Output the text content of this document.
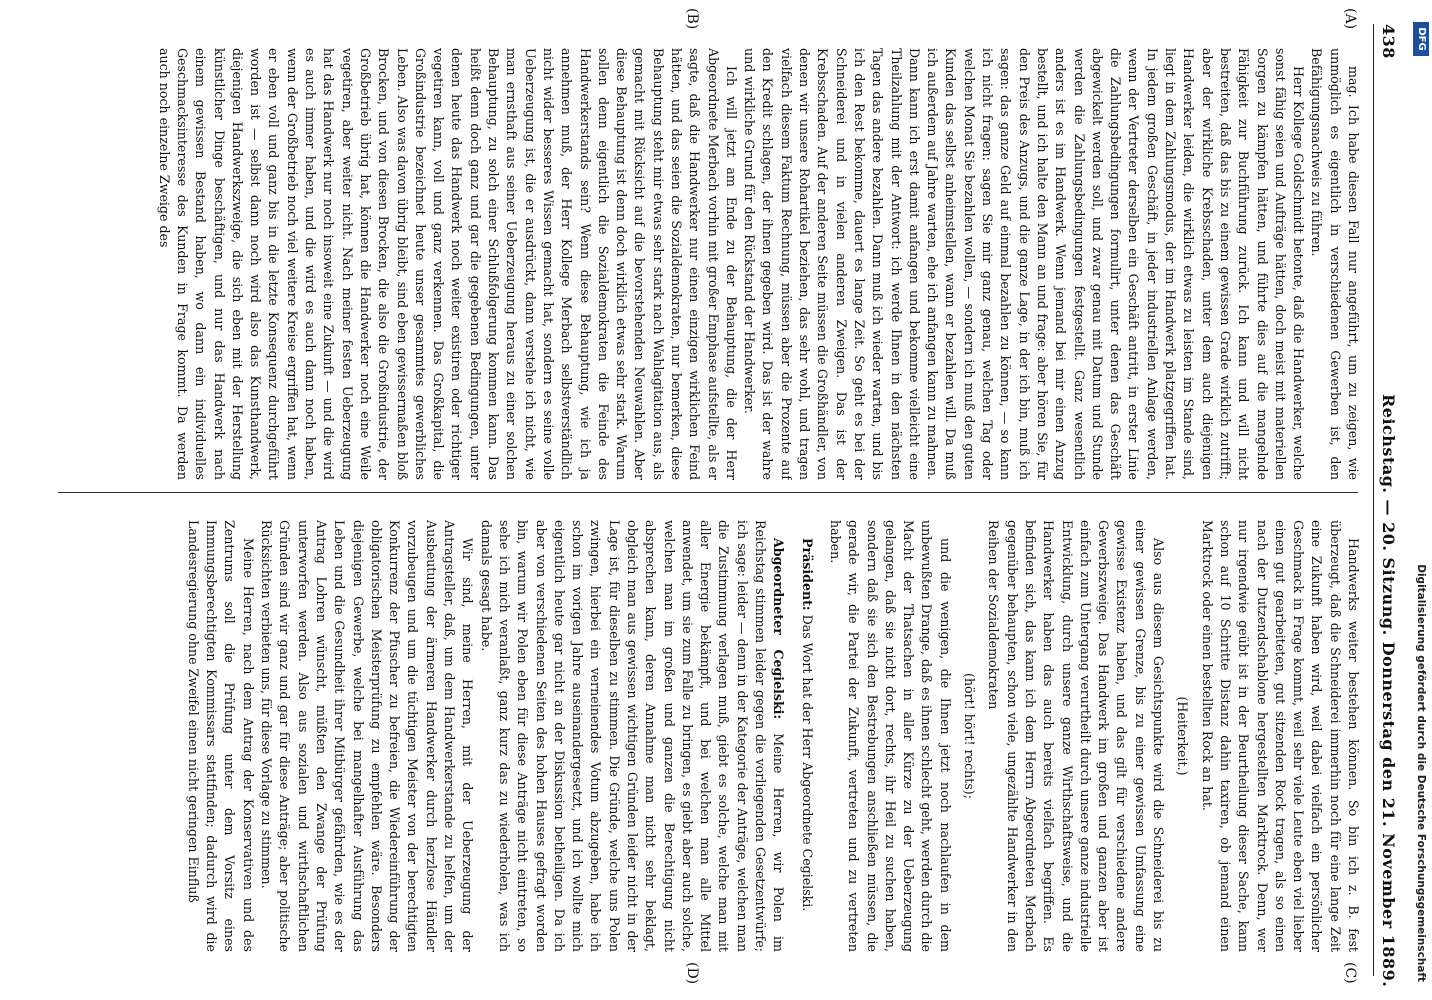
438
Reichstag. — 20. Sitzung. Donnerstag den 21. November 1889.
(A)
(B)
(C)
(D)

mag. Ich habe diesen Fall nur angeführt, um zu zeigen, wie unmöglich es eigentlich in verschiedenen Gewerben ist, den Befähigungsnachweis zu führen.

Herr Kollege Goldschmidt betonte, daß die Handwerker, welche sonst fähig seien und Aufträge hätten, doch meist mit materiellen Sorgen zu kämpfen hätten, und führte dies auf die mangelnde Fähigkeit zur Buchführung zurück. Ich kann und will nicht bestreiten, daß das bis zu einem gewissen Grade wirklich zutrifft; aber der wirkliche Krebsschaden, unter dem auch diejenigen Handwerker leiden, die wirklich etwas zu leisten im Stande sind, liegt in dem Zahlungsmodus, der im Handwerk platzgegriffen hat. In jedem großen Geschäft, in jeder industriellen Anlage werden, wenn der Vertreter derselben ein Geschäft antritt, in erster Linie die Zahlungsbedingungen formulirt, unter denen das Geschäft abgewickelt werden soll, und zwar genau mit Datum und Stunde werden die Zahlungsbedingungen festgestellt. Ganz wesentlich anders ist es im Handwerk. Wenn jemand bei mir einen Anzug bestellt, und ich halte den Mann an und frage: aber hören Sie, für den Preis des Anzugs, und die ganze Lage, in der ich bin, muß ich sagen: das ganze Geld auf einmal bezahlen zu können, — so kann ich nicht fragen: sagen Sie mir ganz genau, welchen Tag oder welchen Monat Sie bezahlen wollen, — sondern ich muß den guten Kunden das selbst anheimstellen, wann er bezahlen will. Da muß ich außerdem auf Jahre warten, ehe ich anfangen kann zu mahnen. Dann kann ich erst damit anfangen und bekomme vielleicht eine Theilzahlung mit der Antwort: ich werde Ihnen in den nächsten Tagen das andere bezahlen. Dann muß ich wieder warten, und bis ich den Rest bekomme, dauert es lange Zeit. So geht es bei der Schneiderei und in vielen anderen Zweigen. Das ist der Krebsschaden. Auf der anderen Seite müssen die Großhändler, von denen wir unsere Rohartikel beziehen, das sehr wohl, und tragen vielfach diesem Faktum Rechnung, müssen aber die Prozente auf den Kredit schlagen, der ihnen gegeben wird. Das ist der wahre und wirkliche Grund für den Rückstand der Handwerker.

Ich will jetzt am Ende zu der Behauptung, die der Herr Abgeordnete Merbach vorhin mit großer Emphase aufstellte, als er sagte, daß die Handwerker nur einen einzigen wirklichen Feind hätten, und das seien die Sozialdemokraten, nur bemerken, diese Behauptung steht mir etwas sehr stark nach Wahlagitation aus, als gemacht mit Rücksicht auf die bevorstehenden Neuwahlen. Aber diese Behauptung ist denn doch wirklich etwas sehr stark. Warum sollen denn eigentlich die Sozialdemokraten die Feinde des Handwerkerstands sein? Wenn diese Behauptung, wie ich ja annehmen muß, der Herr Kollege Merbach selbstverständlich nicht wider besseres Wissen gemacht hat, sondern es seine volle Ueberzeugung ist, die er ausdrückt, dann verstehe ich nicht, wie man ernsthaft aus seiner Ueberzeugung heraus zu einer solchen Behauptung, zu solch einer Schlußfolgerung kommen kann. Das heißt denn doch ganz und gar die gegebenen Bedingungen, unter denen heute das Handwerk noch weiter existiren oder richtiger vegetiren kann, voll und ganz verkennen. Das Großkapital, die Großindustrie bezeichnet heute unser gesammtes gewerbliches Leben. Also was davon übrig bleibt, sind eben gewissermaßen bloß Brocken, und von diesen Brocken, die also die Großindustrie, der Großbetrieb übrig hat, können die Handwerker noch eine Weile vegetiren, aber weiter nicht. Nach meiner festen Ueberzeugung hat das Handwerk nur noch insoweit eine Zukunft — und die wird es auch immer haben, und die wird es auch dann noch haben, wenn der Großbetrieb noch viel weitere Kreise ergriffen hat, wenn er eben voll und ganz bis in die letzte Konsequenz durchgeführt worden ist — selbst dann noch wird also das Kunsthandwerk, diejenigen Handwerkszweige, die sich eben mit der Herstellung künstlicher Dinge beschäftigen, und nur das Handwerk nach einem gewissen Bestand haben, wo dann ein individuelles Geschmacksinteresse des Kunden in Frage kommt. Da werden auch noch einzelne Zweige des

Handwerks weiter bestehen können. So bin ich z. B. fest überzeugt, daß die Schneiderei immerhin noch für eine lange Zeit eine Zukunft haben wird, weil dabei vielfach ein persönlicher Geschmack in Frage kommt, weil sehr viele Leute eben viel lieber einen gut gearbeiteten, gut sitzenden Rock tragen, als so einen nach der Dutzendschablone hergestellten Marktrock. Denn, wer nur irgendwie geübt ist in der Beurtheilung dieser Sache, kann schon auf 10 Schritte Distanz dahin taxiren, ob jemand einen Marktrock oder einen bestellten Rock an hat.

(Heiterkeit.)

Also aus diesem Gesichtspunkte wird die Schneiderei bis zu einer gewissen Grenze, bis zu einer gewissen Umfassung eine gewisse Existenz haben, und das gilt für verschiedene andere Gewerbszweige. Das Handwerk im großen und ganzen aber ist einfach zum Untergang verurtheilt durch unsere ganze industrielle Entwicklung, durch unsere ganze Wirthschaftsweise, und die Handwerker haben das auch bereits vielfach begriffen. Es befinden sich, das kann ich dem Herrn Abgeordneten Merbach gegenüber behaupten, schon viele, ungezählte Handwerker in den Reihen der Sozialdemokraten

(hört! hört! rechts);

und die wenigen, die Ihnen jetzt noch nachlaufen in dem unbewußten Drange, daß es ihnen schlecht geht, werden durch die Macht der Thatsachen in aller Kürze zu der Ueberzeugung gelangen, daß sie nicht dort, rechts, ihr Heil zu suchen haben, sondern daß sie sich den Bestrebungen anschließen müssen, die gerade wir, die Partei der Zukunft, vertreten und zu vertreten haben.

Präsident: Das Wort hat der Herr Abgeordnete Cegielski.

Abgeordneter Cegielski: Meine Herren, wir Polen im Reichstag stimmen leider gegen die vorliegenden Gesetzentwürfe; ich sage: leider — denn in der Kategorie der Anträge, welchen man die Zustimmung verlagen muß, giebt es solche, welche man mit aller Energie bekämpft, und bei welchen man alle Mittel anwendet, um sie zum Falle zu bringen, es giebt aber auch solche, welchen man im großen und ganzen die Berechtigung nicht absprechen kann, deren Annahme man nicht sehr beklagt, obgleich man aus gewissen wichtigen Gründen leider nicht in der Lage ist, für dieselben zu stimmen. Die Gründe, welche uns Polen zwingen, hierbei ein verneinendes Votum abzugeben, habe ich schon im vorigen Jahre auseinandergesetzt, und ich wollte mich eigentlich heute gar nicht an der Diskussion betheiligen. Da ich aber von verschiedenen Seiten des hohen Hauses gefragt worden bin, warum wir Polen eben für diese Anträge nicht eintreten, so sehe ich mich veranlaßt, ganz kurz das zu wiederholen, was ich damals gesagt habe.

Wir sind, meine Herren, mit der Ueberzeugung der Antragsteller, daß, um dem Handwerkerstande zu helfen, um der Ausbeutung der ärmeren Handwerker durch herzlose Händler vorzubeugen und um die tüchtigen Meister von der berechtigten Konkurrenz der Pfuscher zu befreien, die Wiedereinführung der obligatorischen Meisterprüfung zu empfehlen wäre. Besonders diejenigen Gewerbe, welche bei mangelhafter Ausführung das Leben und die Gesundheit ihrer Mitbürger gefährden, wie es der Antrag Lohren wünscht, müßten den Zwange der Prüfung unterworfen werden. Also aus sozialen und wirthschaftlichen Gründen sind wir ganz und gar für diese Anträge; aber politische Rücksichten verbieten uns, für diese Vorlage zu stimmen.

Meine Herren, nach dem Antrag der Konservativen und des Zentrums soll die Prüfung unter dem Vorsitz eines Immungsberechtigten Kommissars stattfinden; dadurch wird die Landesregierung ohne Zweifel einen nicht geringen Einfluß	Digitalisierung gefördert durch die Deutsche Forschungsgemeinschaft
DFG
